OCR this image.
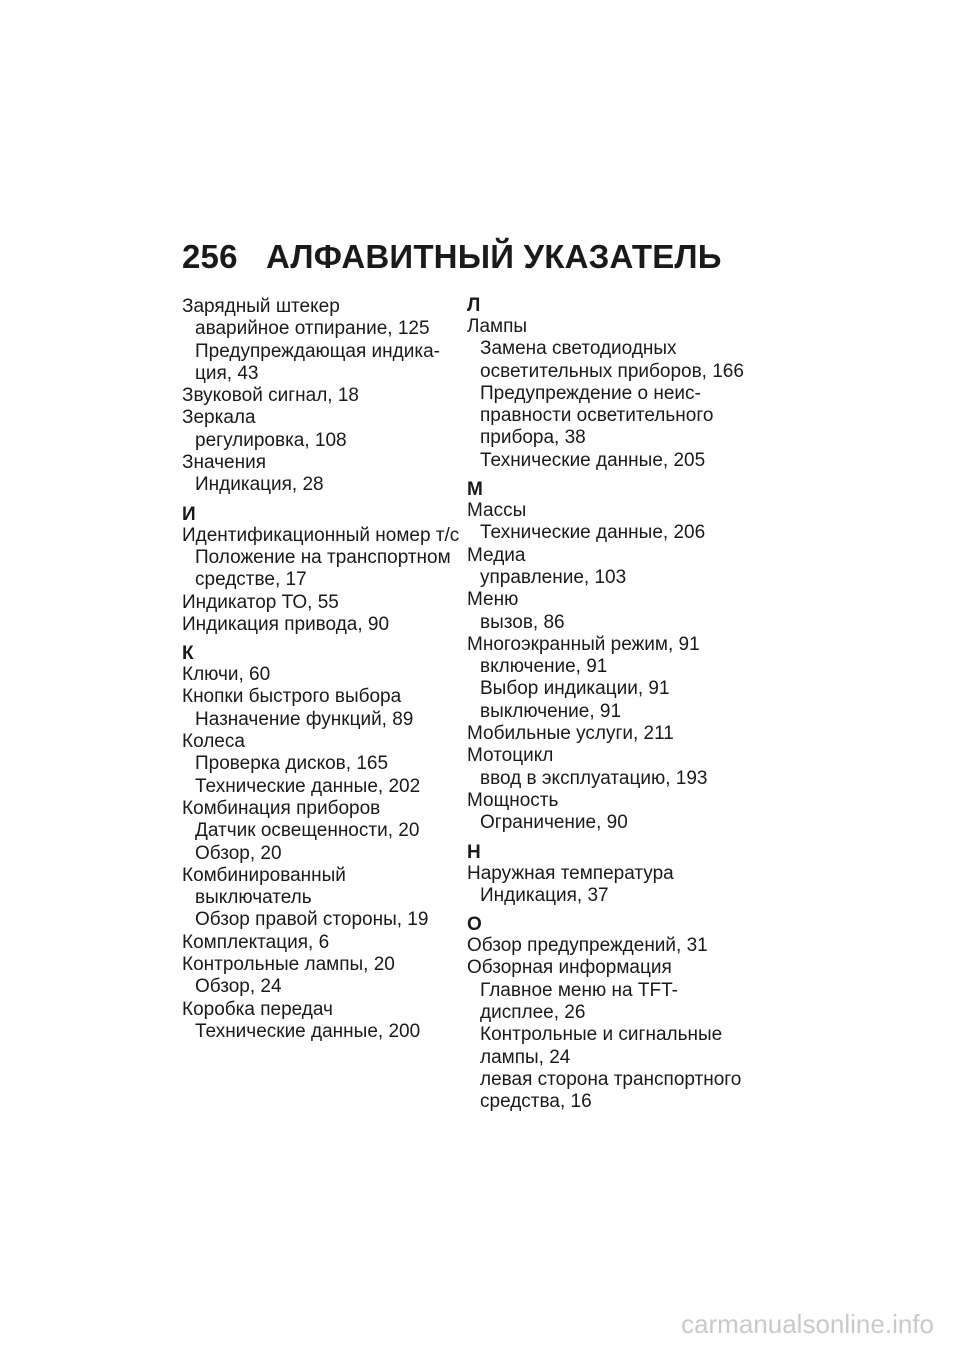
256 АЛФАВИТНЫЙ УКАЗАТЕЛЬ
Зарядный штекер
аварийное отпирание, 125
Предупреждающая индика-
ция, 43
Звуковой сигнал, 18
Зеркала
регулировка, 108
Значения
Индикация, 28
И
Идентификационный номер т/с
Положение на транспортном
средстве, 17
Индикатор ТО, 55
Индикация привода, 90
К
Ключи, 60
Кнопки быстрого выбора
Назначение функций, 89
Колеса
Проверка дисков, 165
Технические данные, 202
Комбинация приборов
Датчик освещенности, 20
Обзор, 20
Комбинированный
выключатель
Обзор правой стороны, 19
Комплектация, 6
Контрольные лампы, 20
Обзор, 24
Коробка передач
Технические данные, 200
Л
Лампы
Замена светодиодных
осветительных приборов, 166
Предупреждение о неис-
правности осветительного
прибора, 38
Технические данные, 205
М
Массы
Технические данные, 206
Медиа
управление, 103
Меню
вызов, 86
Многоэкранный режим, 91
включение, 91
Выбор индикации, 91
выключение, 91
Мобильные услуги, 211
Мотоцикл
ввод в эксплуатацию, 193
Мощность
Ограничение, 90
Н
Наружная температура
Индикация, 37
О
Обзор предупреждений, 31
Обзорная информация
Главное меню на TFT-
дисплее, 26
Контрольные и сигнальные
лампы, 24
левая сторона транспортного
средства, 16
carmanualsonline.info
